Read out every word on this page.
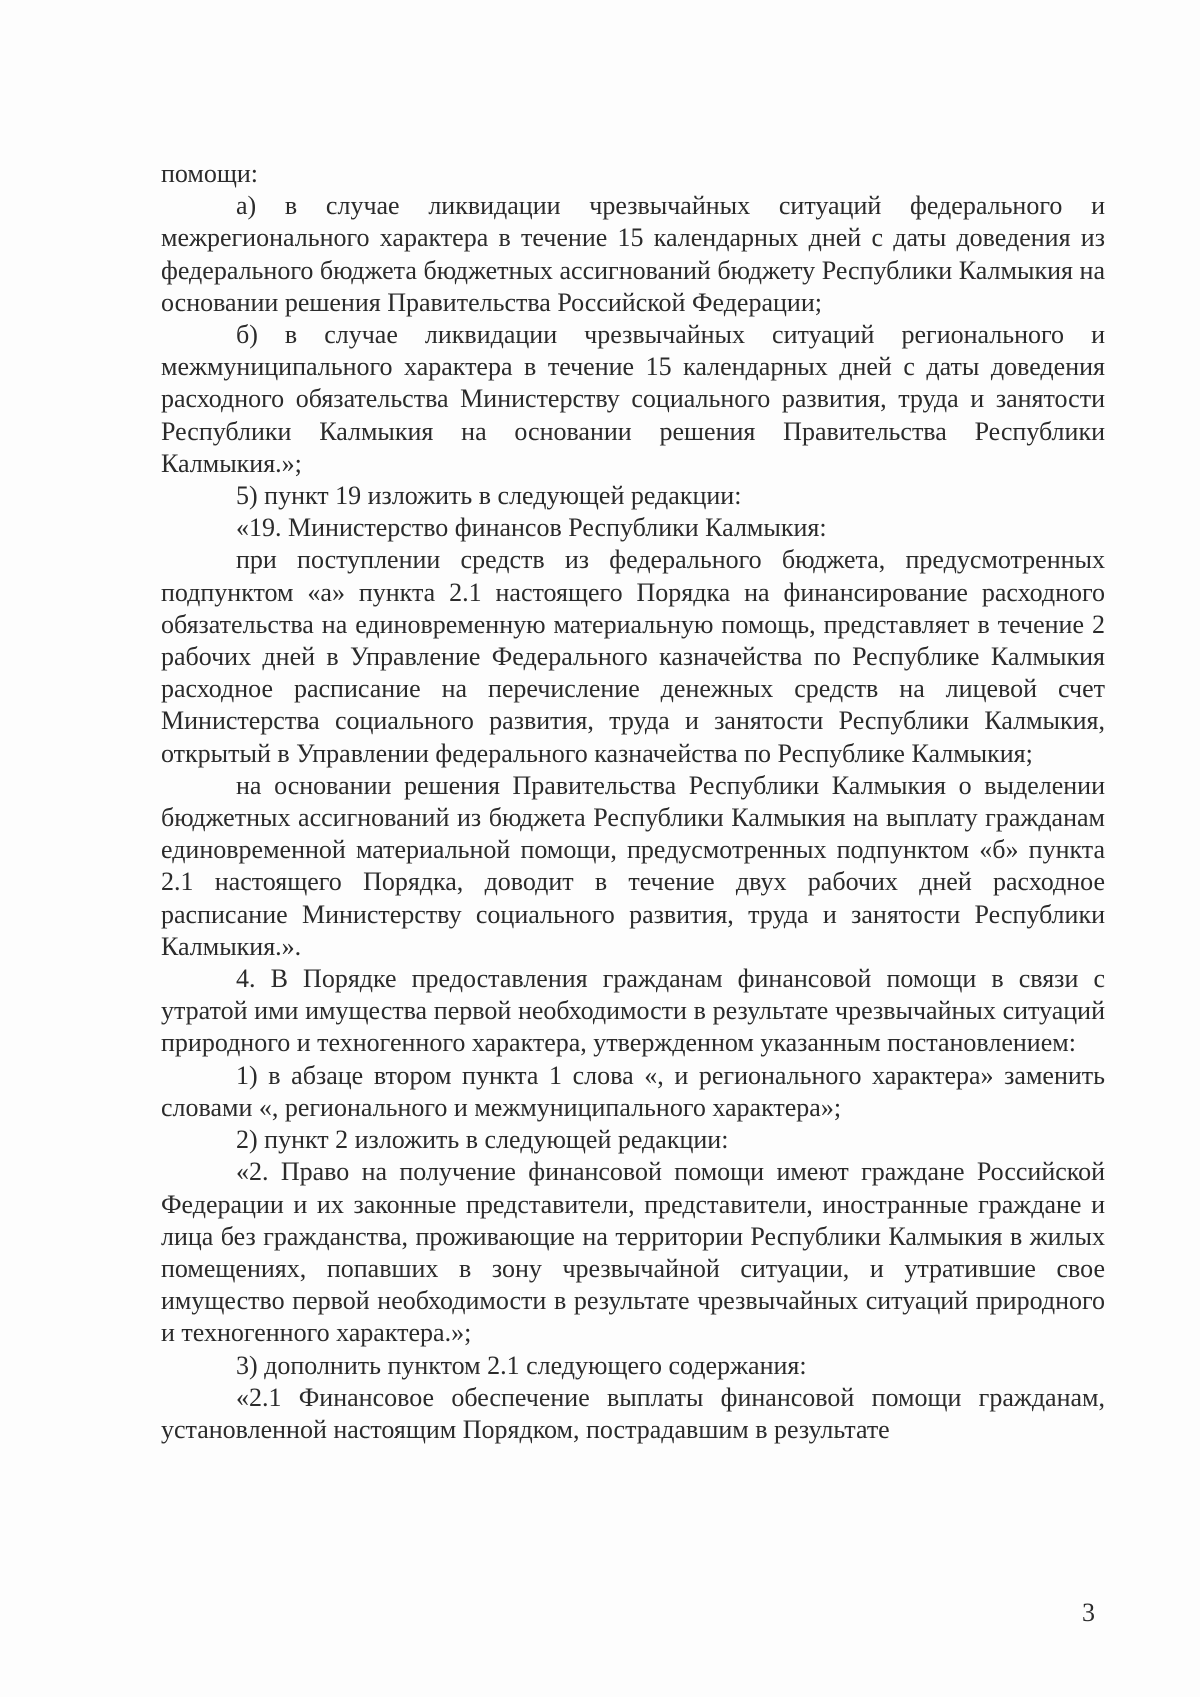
помощи:

а) в случае ликвидации чрезвычайных ситуаций федерального и межрегионального характера в течение 15 календарных дней с даты доведения из федерального бюджета бюджетных ассигнований бюджету Республики Калмыкия на основании решения Правительства Российской Федерации;

б) в случае ликвидации чрезвычайных ситуаций регионального и межмуниципального характера в течение 15 календарных дней с даты доведения расходного обязательства Министерству социального развития, труда и занятости Республики Калмыкия на основании решения Правительства Республики Калмыкия.»;

5) пункт 19 изложить в следующей редакции:

«19. Министерство финансов Республики Калмыкия:

при поступлении средств из федерального бюджета, предусмотренных подпунктом «а» пункта 2.1 настоящего Порядка на финансирование расходного обязательства на единовременную материальную помощь, представляет в течение 2 рабочих дней в Управление Федерального казначейства по Республике Калмыкия расходное расписание на перечисление денежных средств на лицевой счет Министерства социального развития, труда и занятости Республики Калмыкия, открытый в Управлении федерального казначейства по Республике Калмыкия;

на основании решения Правительства Республики Калмыкия о выделении бюджетных ассигнований из бюджета Республики Калмыкия на выплату гражданам единовременной материальной помощи, предусмотренных подпунктом «б» пункта 2.1 настоящего Порядка, доводит в течение двух рабочих дней расходное расписание Министерству социального развития, труда и занятости Республики Калмыкия.».

4. В Порядке предоставления гражданам финансовой помощи в связи с утратой ими имущества первой необходимости в результате чрезвычайных ситуаций природного и техногенного характера, утвержденном указанным постановлением:

1) в абзаце втором пункта 1 слова «, и регионального характера» заменить словами «, регионального и межмуниципального характера»;

2) пункт 2 изложить в следующей редакции:

«2. Право на получение финансовой помощи имеют граждане Российской Федерации и их законные представители, представители, иностранные граждане и лица без гражданства, проживающие на территории Республики Калмыкия в жилых помещениях, попавших в зону чрезвычайной ситуации, и утратившие свое имущество первой необходимости в результате чрезвычайных ситуаций природного и техногенного характера.»;

3) дополнить пунктом 2.1 следующего содержания:

«2.1 Финансовое обеспечение выплаты финансовой помощи гражданам, установленной настоящим Порядком, пострадавшим в результате

3
